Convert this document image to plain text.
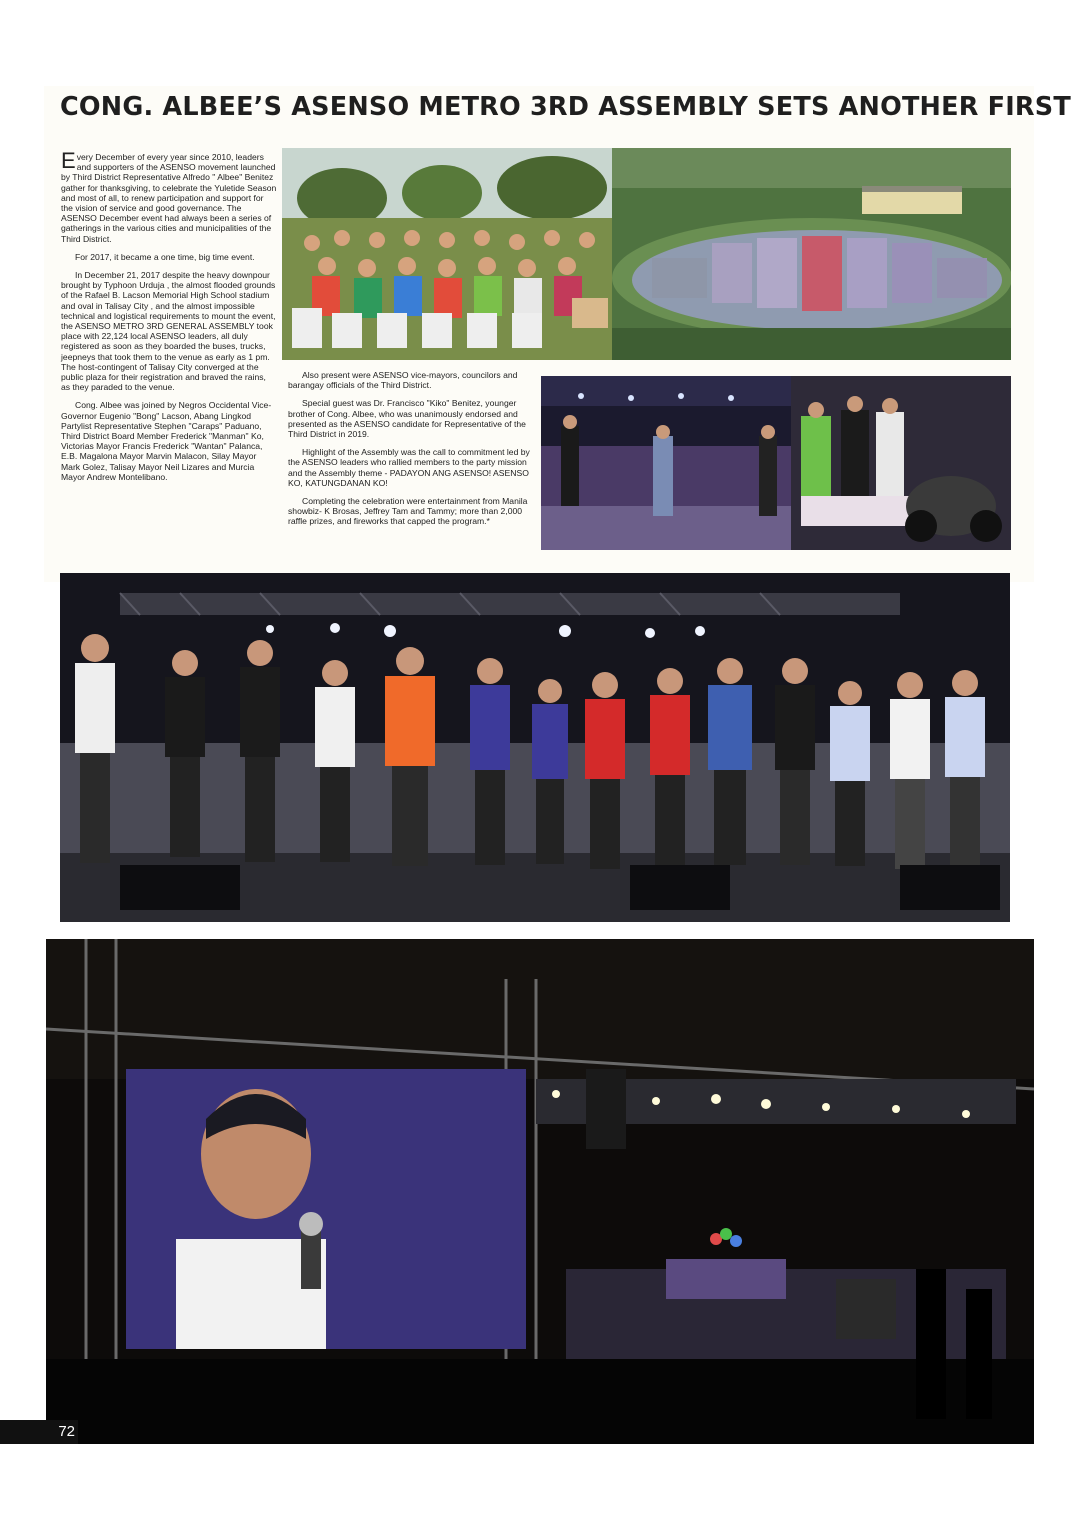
CONG. ALBEE’S ASENSO METRO 3RD ASSEMBLY SETS ANOTHER FIRST

Every December of every year since 2010, leaders and supporters of the ASENSO movement launched by Third District Representative Alfredo " Albee" Benitez gather for thanksgiving, to celebrate the Yuletide Season and most of all, to renew participation and support for the vision of service and good governance. The ASENSO December event had always been a series of gatherings in the various cities and municipalities of the Third District.

For 2017, it became a one time, big time event.

In December 21, 2017 despite the heavy downpour brought by Typhoon Urduja , the almost flooded grounds of the Rafael B. Lacson Memorial High School stadium and oval in Talisay City , and the almost impossible technical and logistical requirements to mount the event, the ASENSO METRO 3RD GENERAL ASSEMBLY took place with 22,124 local ASENSO leaders, all duly registered as soon as they boarded the buses, trucks, jeepneys that took them to the venue as early as 1 pm. The host-contingent of Talisay City converged at the public plaza for their registration and braved the rains, as they paraded to the venue.

Cong. Albee was joined by Negros Occidental Vice-Governor Eugenio "Bong" Lacson, Abang Lingkod Partylist Representative Stephen "Caraps" Paduano, Third District Board Member Frederick "Manman" Ko, Victorias Mayor Francis Frederick "Wantan" Palanca, E.B. Magalona Mayor Marvin Malacon, Silay Mayor Mark Golez, Talisay Mayor Neil Lizares and Murcia Mayor Andrew Montelibano.

Also present were ASENSO vice-mayors, councilors and barangay officials of the Third District.

Special guest was Dr. Francisco "Kiko" Benitez, younger brother of Cong. Albee, who was unanimously endorsed and presented as the ASENSO candidate for Representative of the Third District in 2019.

Highlight of the Assembly was the call to commitment led by the ASENSO leaders who rallied members to the party mission and the Assembly theme - PADAYON ANG ASENSO! ASENSO KO, KATUNGDANAN KO!

Completing the celebration were entertainment from Manila showbiz- K Brosas, Jeffrey Tam and Tammy; more than 2,000 raffle prizes, and fireworks that capped the program.*

72
